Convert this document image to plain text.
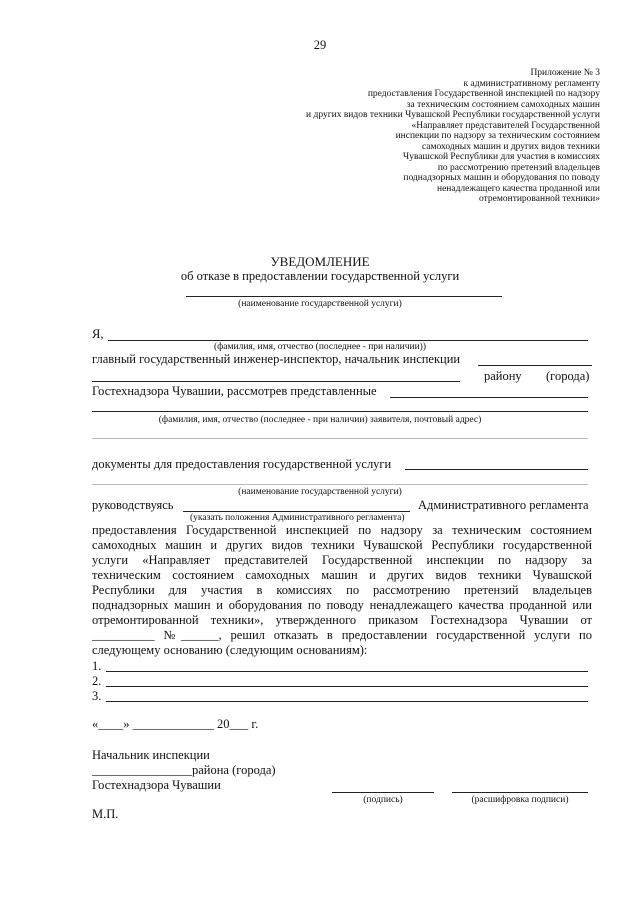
29
Приложение № 3
к административному регламенту
предоставления Государственной инспекцией по надзору
за техническим состоянием самоходных машин
и других видов техники Чувашской Республики государственной услуги
«Направляет представителей Государственной
инспекции по надзору за техническим состоянием
самоходных машин и других видов техники
Чувашской Республики для участия в комиссиях
по рассмотрению претензий владельцев
поднадзорных машин и оборудования по поводу
ненадлежащего качества проданной или
отремонтированной техники»
УВЕДОМЛЕНИЕ
об отказе в предоставлении государственной услуги
(наименование государственной услуги)
Я,
(фамилия, имя, отчество (последнее - при наличии))
главный государственный инженер-инспектор, начальник инспекции
району (города)
Гостехнадзора Чувашии, рассмотрев представленные
(фамилия, имя, отчество (последнее - при наличии) заявителя, почтовый адрес)
документы для предоставления государственной услуги
(наименование государственной услуги)
руководствуясь	Административного регламента
(указать положения Административного регламента)
предоставления Государственной инспекцией по надзору за техническим состоянием
самоходных машин и других видов техники Чувашской Республики государственной
услуги «Направляет представителей Государственной инспекции по надзору за
техническим состоянием самоходных машин и других видов техники Чувашской
Республики для участия в комиссиях по рассмотрению претензий владельцев
поднадзорных машин и оборудования по поводу ненадлежащего качества проданной или
отремонтированной техники», утвержденного приказом Гостехнадзора Чувашии от
__________ №______, решил отказать в предоставлении государственной услуги по
следующему основанию (следующим основаниям):
1.
2.
3.
«____» _____________ 20___ г.
Начальник инспекции
________________района (города)
Гостехнадзора Чувашии
(подпись)	(расшифровка подписи)
М.П.
